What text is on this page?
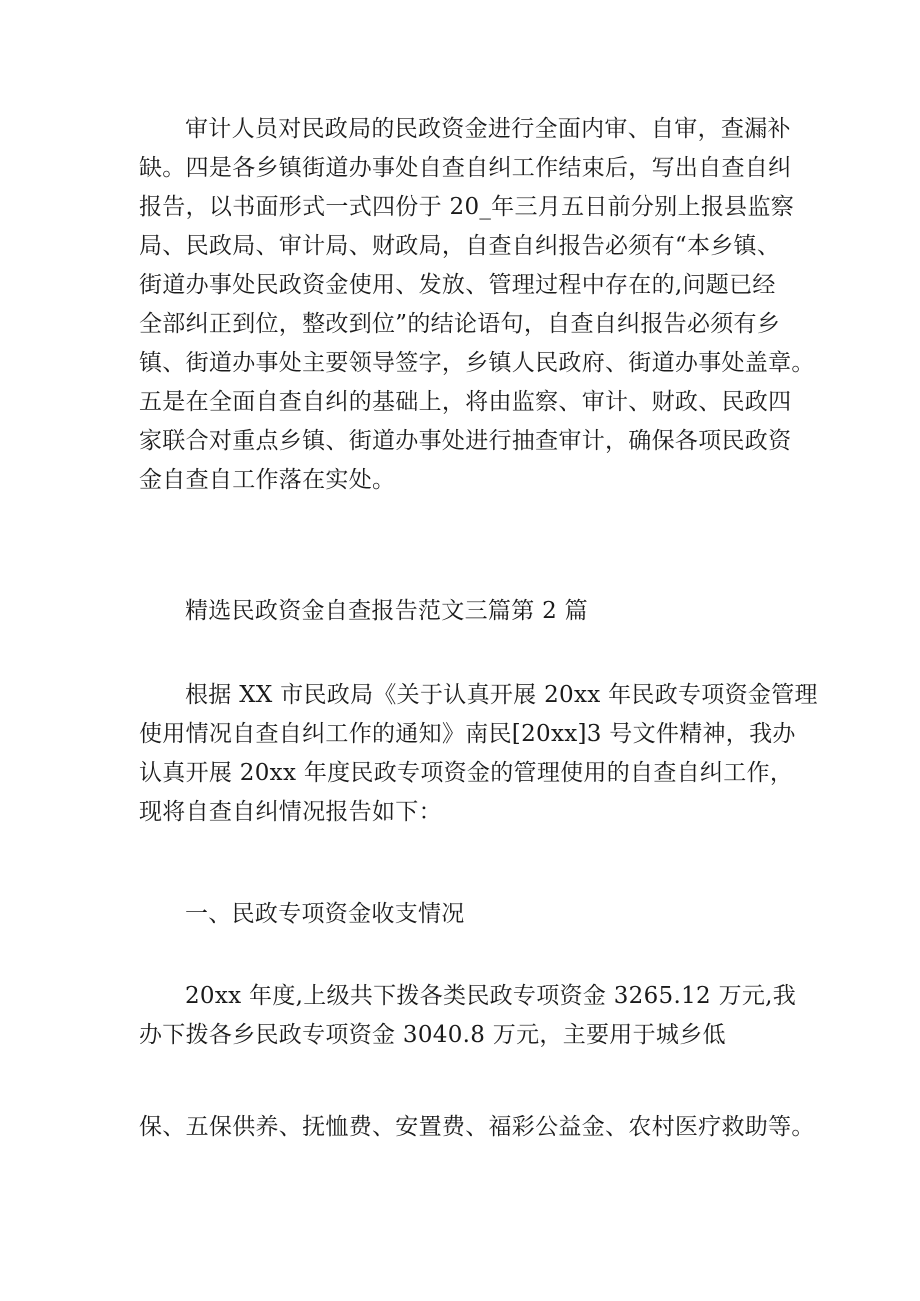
审计人员对民政局的民政资金进行全面内审、自审，查漏补
缺。四是各乡镇街道办事处自查自纠工作结束后，写出自查自纠
报告，以书面形式一式四份于 20_年三月五日前分别上报县监察
局、民政局、审计局、财政局，自查自纠报告必须有“本乡镇、
街道办事处民政资金使用、发放、管理过程中存在的,问题已经
全部纠正到位，整改到位”的结论语句，自查自纠报告必须有乡
镇、街道办事处主要领导签字，乡镇人民政府、街道办事处盖章。
五是在全面自查自纠的基础上，将由监察、审计、财政、民政四
家联合对重点乡镇、街道办事处进行抽查审计，确保各项民政资
金自查自工作落在实处。

精选民政资金自查报告范文三篇第 2 篇

根据 XX 市民政局《关于认真开展 20xx 年民政专项资金管理
使用情况自查自纠工作的通知》南民[20xx]3 号文件精神，我办
认真开展 20xx 年度民政专项资金的管理使用的自查自纠工作，
现将自查自纠情况报告如下：

一、民政专项资金收支情况

20xx 年度,上级共下拨各类民政专项资金 3265.12 万元,我
办下拨各乡民政专项资金 3040.8 万元，主要用于城乡低

保、五保供养、抚恤费、安置费、福彩公益金、农村医疗救助等。
